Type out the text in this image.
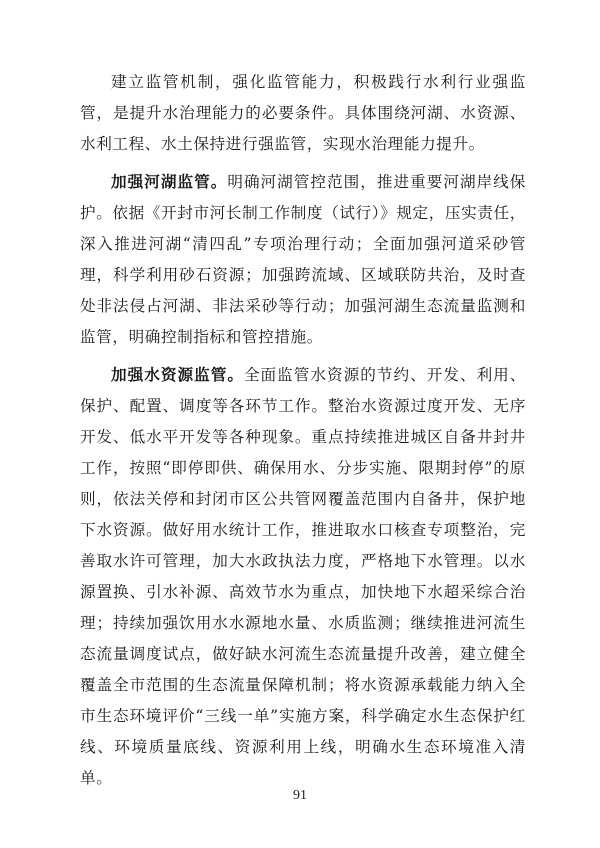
建立监管机制，强化监管能力，积极践行水利行业强监管，是提升水治理能力的必要条件。具体围绕河湖、水资源、水利工程、水土保持进行强监管，实现水治理能力提升。

加强河湖监管。明确河湖管控范围，推进重要河湖岸线保护。依据《开封市河长制工作制度（试行）》规定，压实责任，深入推进河湖“清四乱”专项治理行动；全面加强河道采砂管理，科学利用砂石资源；加强跨流域、区域联防共治，及时查处非法侵占河湖、非法采砂等行动；加强河湖生态流量监测和监管，明确控制指标和管控措施。

加强水资源监管。全面监管水资源的节约、开发、利用、保护、配置、调度等各环节工作。整治水资源过度开发、无序开发、低水平开发等各种现象。重点持续推进城区自备井封井工作，按照“即停即供、确保用水、分步实施、限期封停”的原则，依法关停和封闭市区公共管网覆盖范围内自备井，保护地下水资源。做好用水统计工作，推进取水口核查专项整治，完善取水许可管理，加大水政执法力度，严格地下水管理。以水源置换、引水补源、高效节水为重点，加快地下水超采综合治理；持续加强饮用水水源地水量、水质监测；继续推进河流生态流量调度试点，做好缺水河流生态流量提升改善，建立健全覆盖全市范围的生态流量保障机制；将水资源承载能力纳入全市生态环境评价“三线一单”实施方案，科学确定水生态保护红线、环境质量底线、资源利用上线，明确水生态环境准入清单。

91
